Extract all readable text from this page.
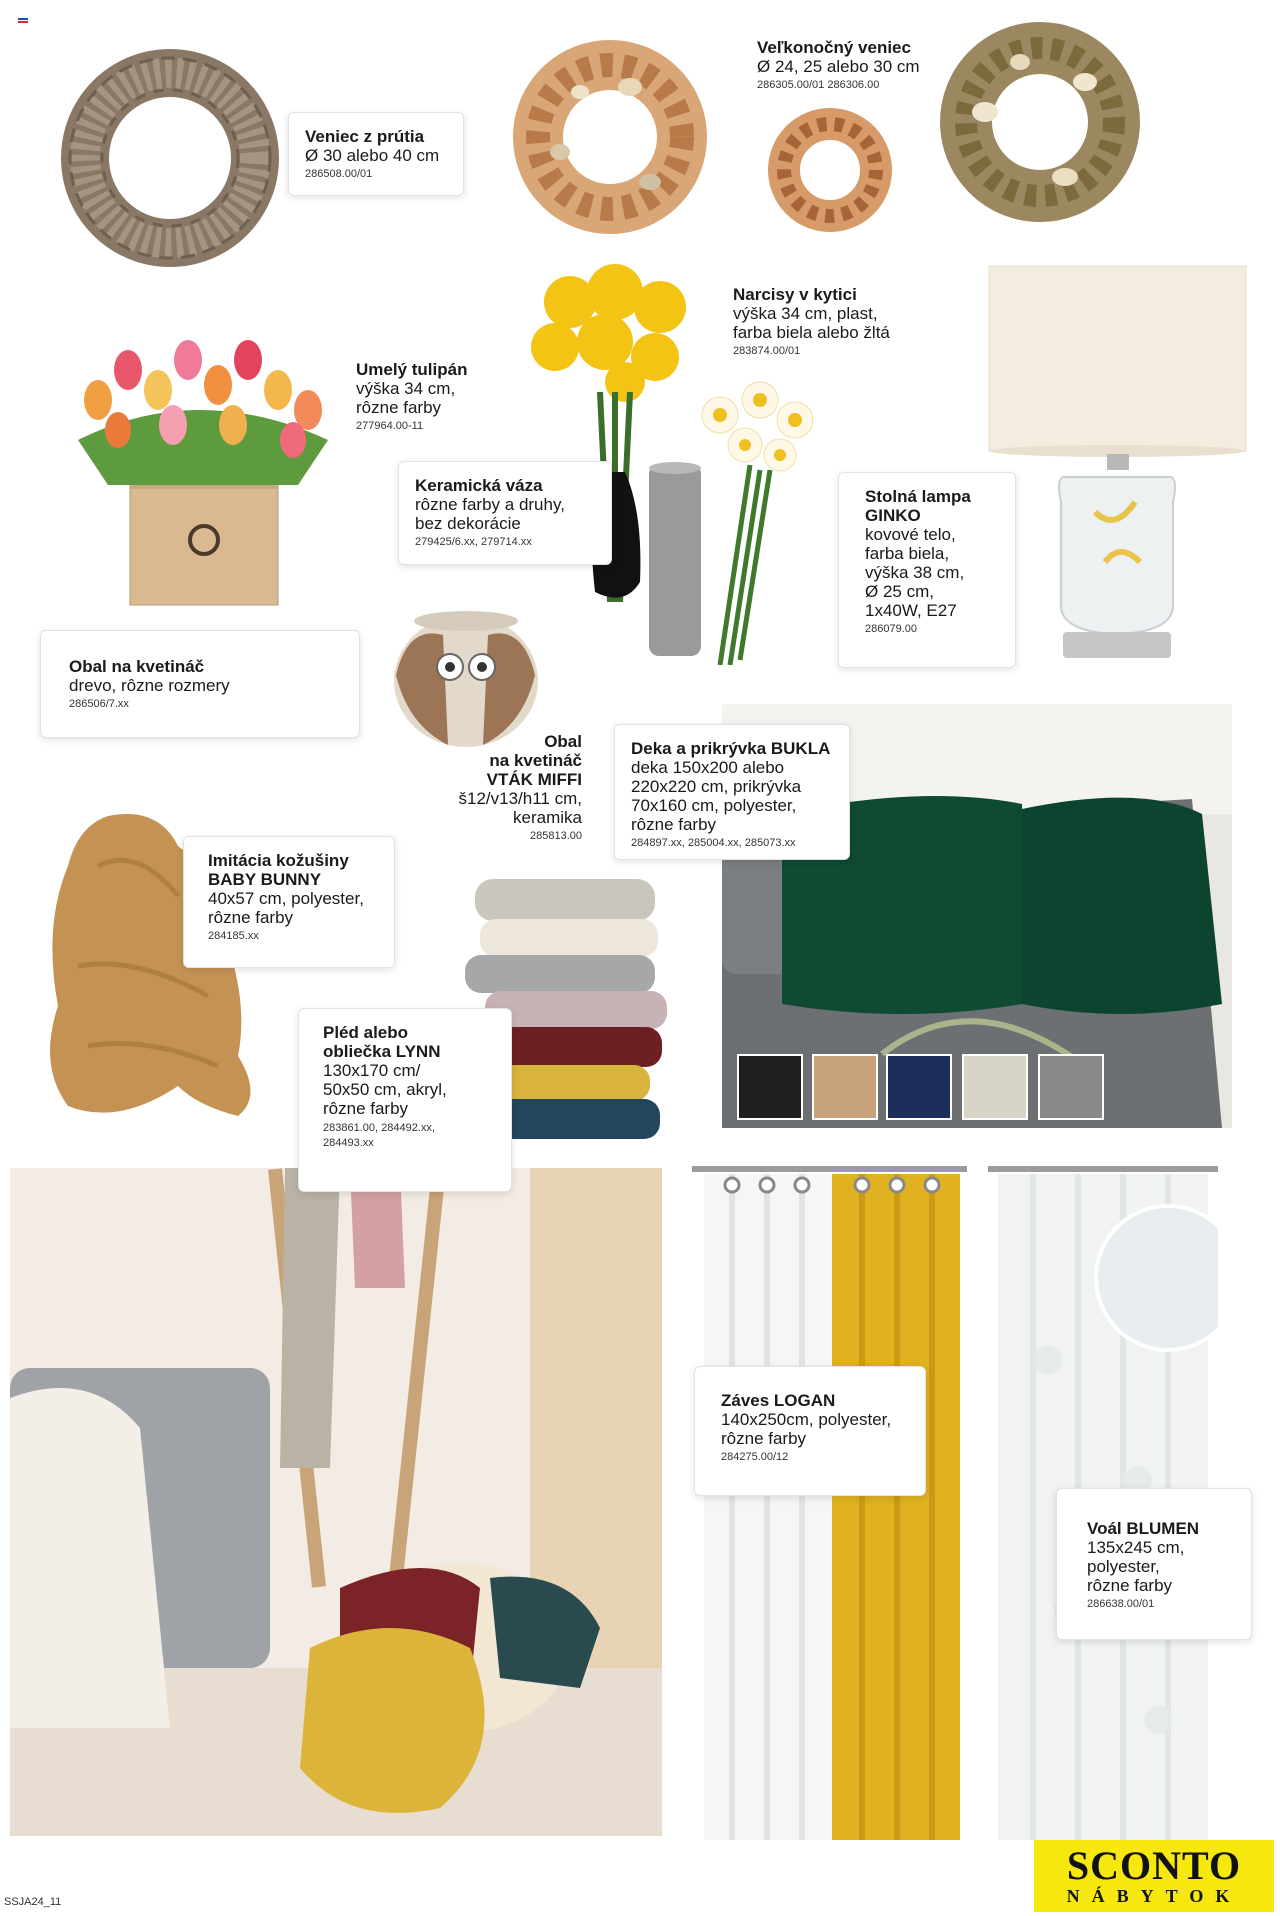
Veniec z prútia

Ø 30 alebo 40 cm

286508.00/01

Veľkonočný veniec

Ø 24, 25 alebo 30 cm

286305.00/01 286306.00

Narcisy v kytici

výška 34 cm, plast,

farba biela alebo žltá

283874.00/01

Umelý tulipán

výška 34 cm,

rôzne farby

277964.00-11

Keramická váza

rôzne farby a druhy,

bez dekorácie

279425/6.xx, 279714.xx

Stolná lampa

GINKO

kovové telo,

farba biela,

výška 38 cm,

Ø 25 cm,

1x40W, E27

286079.00

Obal na kvetináč

drevo, rôzne rozmery

286506/7.xx

Obal

na kvetináč

VTÁK MIFFI

š12/v13/h11 cm,

keramika

285813.00

Deka a prikrývka BUKLA

deka 150x200 alebo

220x220 cm, prikrývka

70x160 cm, polyester,

rôzne farby

284897.xx, 285004.xx, 285073.xx

Imitácia kožušiny

BABY BUNNY

40x57 cm, polyester,

rôzne farby

284185.xx

Pléd alebo

obliečka LYNN

130x170 cm/

50x50 cm, akryl,

rôzne farby

283861.00, 284492.xx,

284493.xx

Záves LOGAN

140x250cm, polyester,

rôzne farby

284275.00/12

Voál BLUMEN

135x245 cm,

polyester,

rôzne farby

286638.00/01

SSJA24_11
SCONTO
NÁBYTOK
